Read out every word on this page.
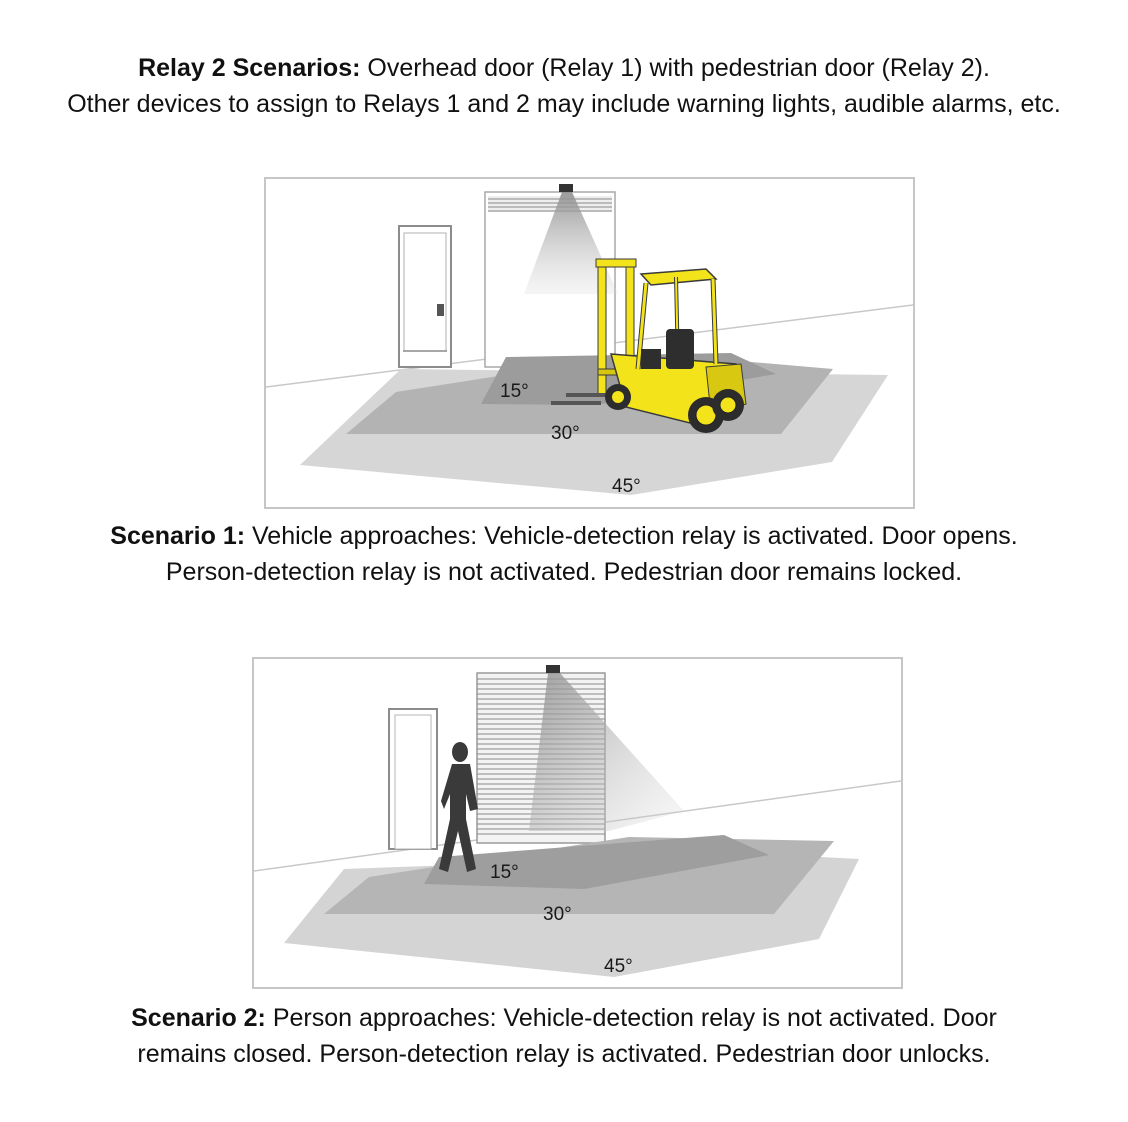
Relay 2 Scenarios: Overhead door (Relay 1) with pedestrian door (Relay 2).
Other devices to assign to Relays 1 and 2 may include warning lights, audible alarms, etc.
15°
30°
45°
Scenario 1: Vehicle approaches: Vehicle-detection relay is activated. Door opens.
Person-detection relay is not activated. Pedestrian door remains locked.
15°
30°
45°
Scenario 2: Person approaches: Vehicle-detection relay is not activated. Door
remains closed. Person-detection relay is activated. Pedestrian door unlocks.
